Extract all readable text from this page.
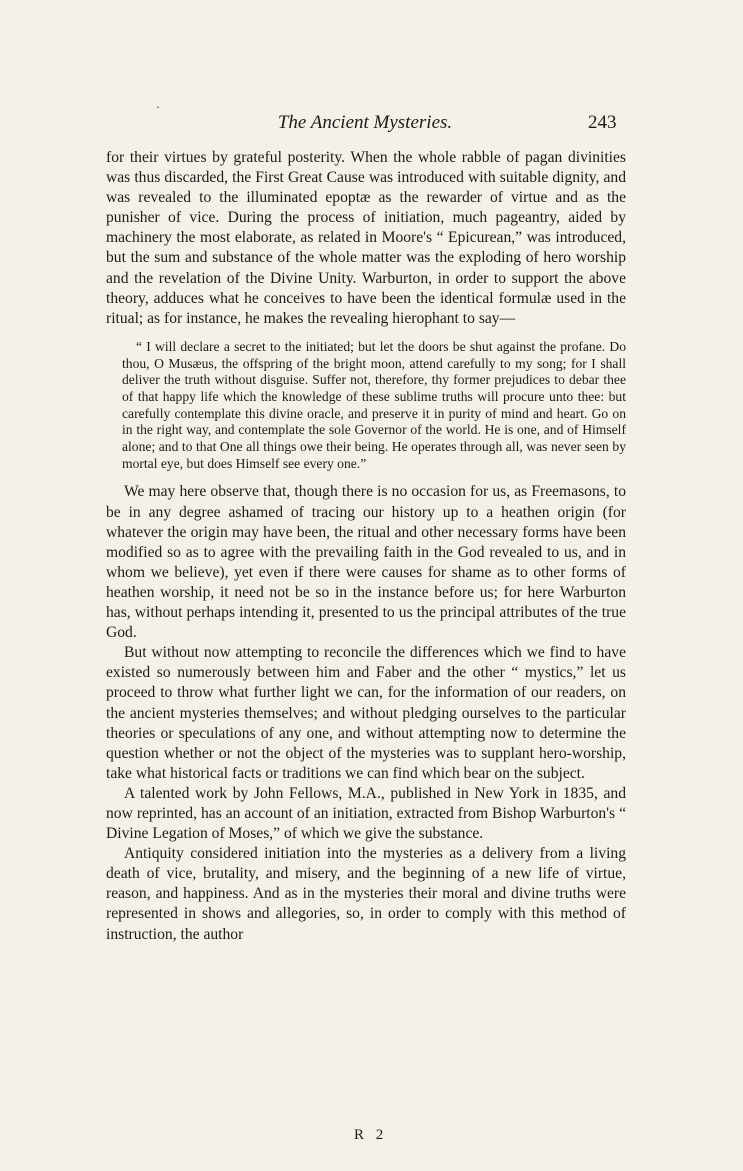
·
The Ancient Mysteries.	243

for their virtues by grateful posterity. When the whole rabble of pagan divinities was thus discarded, the First Great Cause was introduced with suitable dignity, and was revealed to the illuminated epoptæ as the rewarder of virtue and as the punisher of vice. During the process of initiation, much pageantry, aided by machinery the most elaborate, as related in Moore's “ Epicurean,” was introduced, but the sum and substance of the whole matter was the exploding of hero worship and the revelation of the Divine Unity. Warburton, in order to support the above theory, adduces what he conceives to have been the identical formulæ used in the ritual; as for instance, he makes the revealing hierophant to say—

“ I will declare a secret to the initiated; but let the doors be shut against the profane. Do thou, O Musæus, the offspring of the bright moon, attend carefully to my song; for I shall deliver the truth without disguise. Suffer not, therefore, thy former prejudices to debar thee of that happy life which the knowledge of these sublime truths will procure unto thee: but carefully contemplate this divine oracle, and preserve it in purity of mind and heart. Go on in the right way, and contemplate the sole Governor of the world. He is one, and of Himself alone; and to that One all things owe their being. He operates through all, was never seen by mortal eye, but does Himself see every one.”

We may here observe that, though there is no occasion for us, as Freemasons, to be in any degree ashamed of tracing our history up to a heathen origin (for whatever the origin may have been, the ritual and other necessary forms have been modified so as to agree with the prevailing faith in the God revealed to us, and in whom we believe), yet even if there were causes for shame as to other forms of heathen worship, it need not be so in the instance before us; for here Warburton has, without perhaps intending it, presented to us the principal attributes of the true God.

But without now attempting to reconcile the differences which we find to have existed so numerously between him and Faber and the other “ mystics,” let us proceed to throw what further light we can, for the information of our readers, on the ancient mysteries themselves; and without pledging ourselves to the particular theories or speculations of any one, and without attempting now to determine the question whether or not the object of the mysteries was to supplant hero-worship, take what historical facts or traditions we can find which bear on the subject.

A talented work by John Fellows, M.A., published in New York in 1835, and now reprinted, has an account of an initiation, extracted from Bishop Warburton's “ Divine Legation of Moses,” of which we give the substance.

Antiquity considered initiation into the mysteries as a delivery from a living death of vice, brutality, and misery, and the beginning of a new life of virtue, reason, and happiness. And as in the mysteries their moral and divine truths were represented in shows and allegories, so, in order to comply with this method of instruction, the author

R 2
